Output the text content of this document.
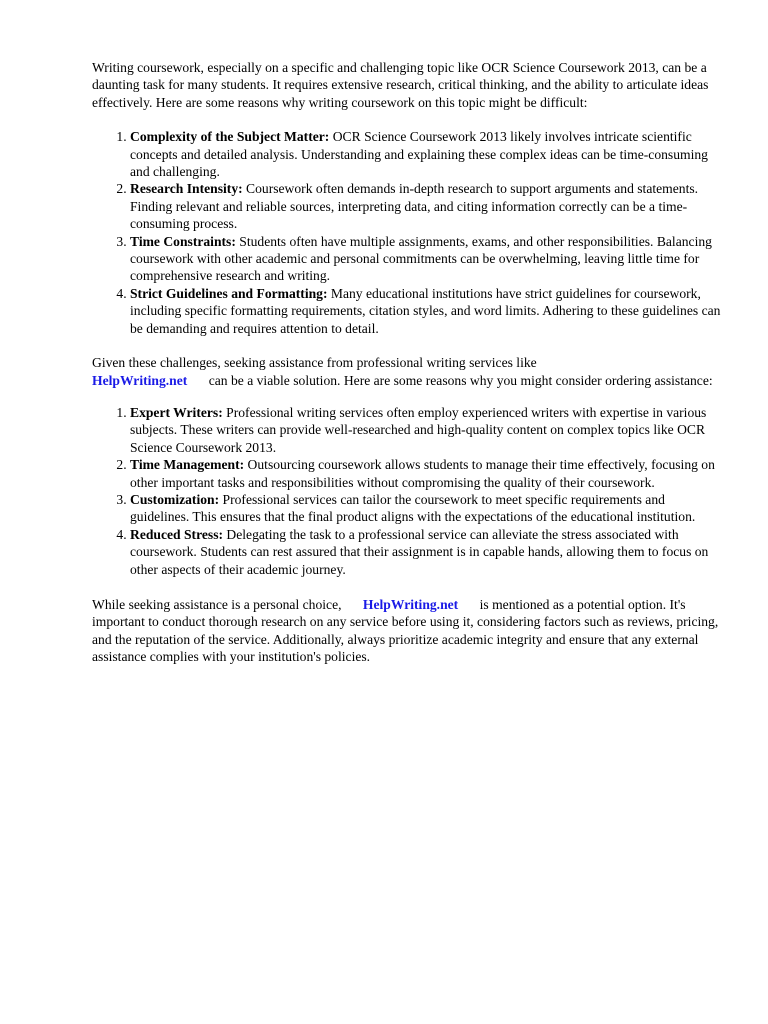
Writing coursework, especially on a specific and challenging topic like OCR Science Coursework 2013, can be a daunting task for many students. It requires extensive research, critical thinking, and the ability to articulate ideas effectively. Here are some reasons why writing coursework on this topic might be difficult:

1. Complexity of the Subject Matter: OCR Science Coursework 2013 likely involves intricate scientific concepts and detailed analysis. Understanding and explaining these complex ideas can be time-consuming and challenging.
2. Research Intensity: Coursework often demands in-depth research to support arguments and statements. Finding relevant and reliable sources, interpreting data, and citing information correctly can be a time-consuming process.
3. Time Constraints: Students often have multiple assignments, exams, and other responsibilities. Balancing coursework with other academic and personal commitments can be overwhelming, leaving little time for comprehensive research and writing.
4. Strict Guidelines and Formatting: Many educational institutions have strict guidelines for coursework, including specific formatting requirements, citation styles, and word limits. Adhering to these guidelines can be demanding and requires attention to detail.

Given these challenges, seeking assistance from professional writing services like
HelpWriting.net can be a viable solution. Here are some reasons why you might consider ordering assistance:

1. Expert Writers: Professional writing services often employ experienced writers with expertise in various subjects. These writers can provide well-researched and high-quality content on complex topics like OCR Science Coursework 2013.
2. Time Management: Outsourcing coursework allows students to manage their time effectively, focusing on other important tasks and responsibilities without compromising the quality of their coursework.
3. Customization: Professional services can tailor the coursework to meet specific requirements and guidelines. This ensures that the final product aligns with the expectations of the educational institution.
4. Reduced Stress: Delegating the task to a professional service can alleviate the stress associated with coursework. Students can rest assured that their assignment is in capable hands, allowing them to focus on other aspects of their academic journey.

While seeking assistance is a personal choice, HelpWriting.net is mentioned as a potential option. It's important to conduct thorough research on any service before using it, considering factors such as reviews, pricing, and the reputation of the service. Additionally, always prioritize academic integrity and ensure that any external assistance complies with your institution's policies.
